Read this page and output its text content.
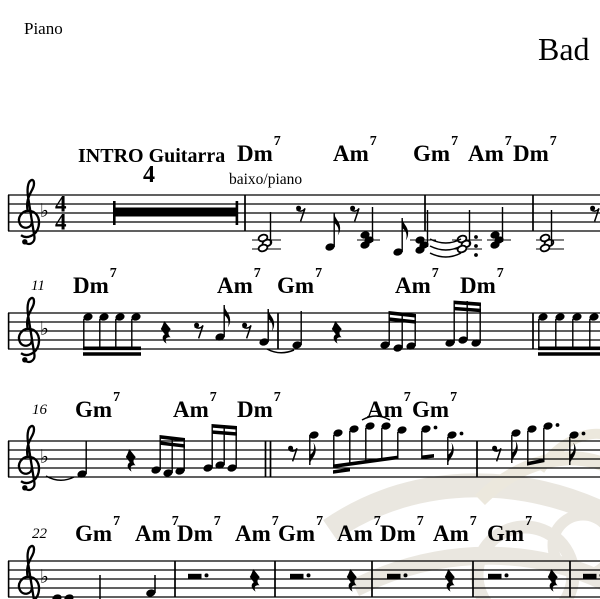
Piano
Bad
INTRO Guitarra
4	baixo/piano
Dm$^7$ Am$^7$ Gm$^7$ Am$^7$ Dm$^7$
Dm$^7$	Am$^7$ Gm$^7$	Am$^7$ Dm$^7$
Gm$^7$ Am$^7$ Dm$^7$	Am$^7$ Gm$^7$
Gm$^7$ Am$^7$
Dm$^7$ Am$^7$ Gm$^7$ Am$^7$ Dm$^7$ Am$^7$ Gm$^7$
11
16
22
♭ 4
4
♭
♭
♭
